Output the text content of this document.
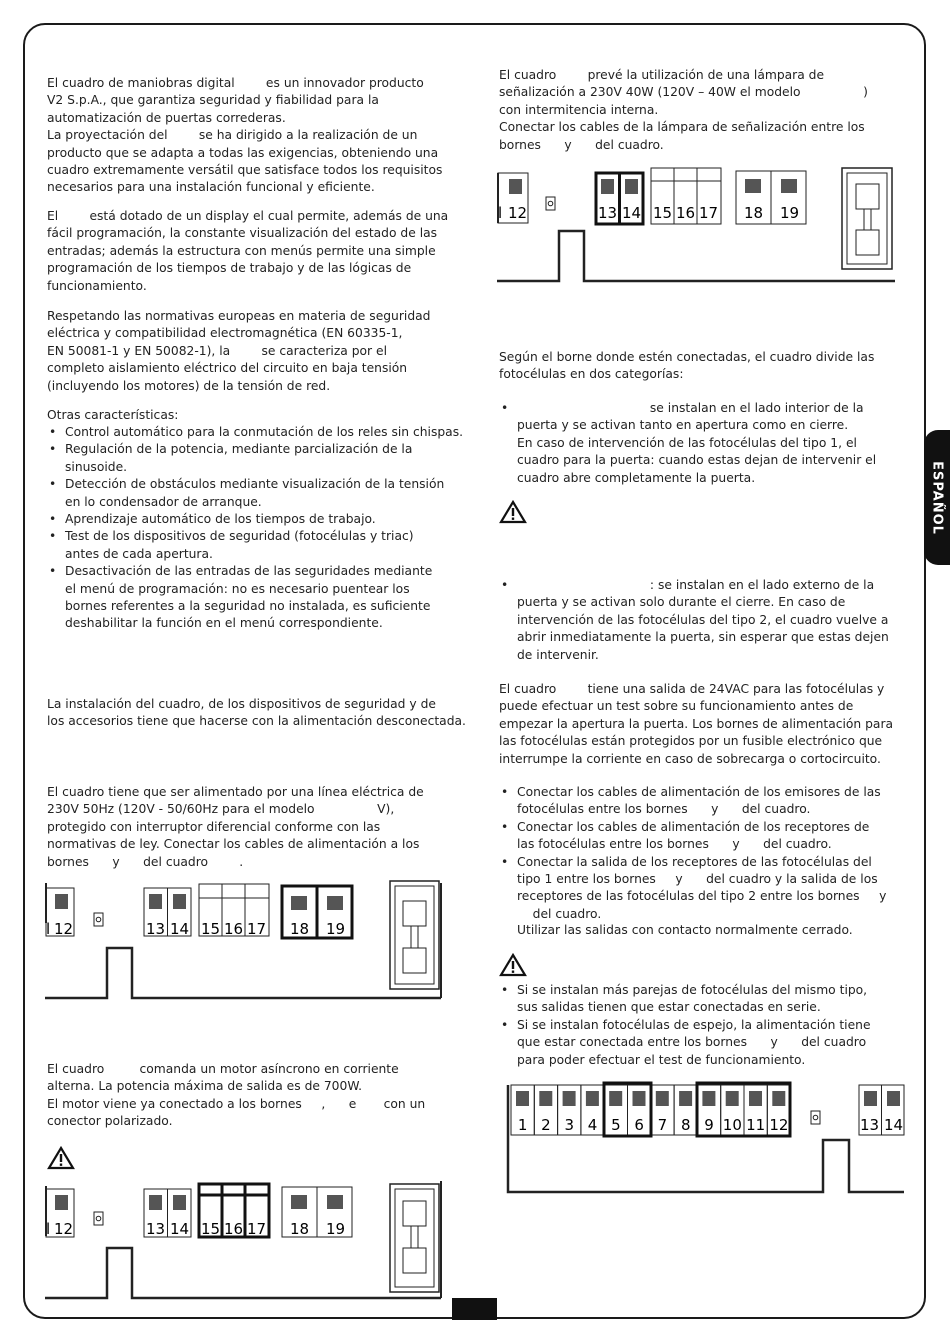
ESPAÑOL
El cuadro de maniobras digital        es un innovador producto
V2 S.p.A., que garantiza seguridad y fiabilidad para la
automatización de puertas correderas.
La proyectación del        se ha dirigido a la realización de un
producto que se adapta a todas las exigencias, obteniendo una
cuadro extremamente versátil que satisface todos los requisitos
necesarios para una instalación funcional y eficiente.
El        está dotado de un display el cual permite, además de una
fácil programación, la constante visualización del estado de las
entradas; además la estructura con menús permite una simple
programación de los tiempos de trabajo y de las lógicas de
funcionamiento.
Respetando las normativas europeas en materia de seguridad
eléctrica y compatibilidad electromagnética (EN 60335-1,
EN 50081-1 y EN 50082-1), la        se caracteriza por el
completo aislamiento eléctrico del circuito en baja tensión
(incluyendo los motores) de la tensión de red.
Otras características:
• Control automático para la conmutación de los reles sin chispas.
• Regulación de la potencia, mediante parcialización de la
sinusoide.
• Detección de obstáculos mediante visualización de la tensión
en lo condensador de arranque.
• Aprendizaje automático de los tiempos de trabajo.
• Test de los dispositivos de seguridad (fotocélulas y triac)
antes de cada apertura.
• Desactivación de las entradas de las seguridades mediante
el menú de programación: no es necesario puentear los
bornes referentes a la seguridad no instalada, es suficiente
deshabilitar la función en el menú correspondiente.
La instalación del cuadro, de los dispositivos de seguridad y de
los accesorios tiene que hacerse con la alimentación desconectada.
El cuadro tiene que ser alimentado por una línea eléctrica de
230V 50Hz (120V - 50/60Hz para el modelo                V),
protegido con interruptor diferencial conforme con las
normativas de ley. Conectar los cables de alimentación a los
bornes      y      del cuadro        .
l 12	13 14 15 16 17 18 19
El cuadro         comanda un motor asíncrono en corriente
alterna. La potencia máxima de salida es de 700W.
El motor viene ya conectado a los bornes     ,      e       con un
conector polarizado.
l 12	13 14 15 16 17 18 19
El cuadro        prevé la utilización de una lámpara de
señalización a 230V 40W (120V – 40W el modelo                )
con intermitencia interna.
Conectar los cables de la lámpara de señalización entre los
bornes      y      del cuadro.
l 12	13 14 15 16 17 18 19
Según el borne donde estén conectadas, el cuadro divide las
fotocélulas en dos categorías:
•                                   se instalan en el lado interior de la
puerta y se activan tanto en apertura como en cierre.
En caso de intervención de las fotocélulas del tipo 1, el
cuadro para la puerta: cuando estas dejan de intervenir el
cuadro abre completamente la puerta.
•                                   : se instalan en el lado externo de la
puerta y se activan solo durante el cierre. En caso de
intervención de las fotocélulas del tipo 2, el cuadro vuelve a
abrir inmediatamente la puerta, sin esperar que estas dejen
de intervenir.
El cuadro        tiene una salida de 24VAC para las fotocélulas y
puede efectuar un test sobre su funcionamiento antes de
empezar la apertura la puerta. Los bornes de alimentación para
las fotocélulas están protegidos por un fusible electrónico que
interrumpe la corriente en caso de sobrecarga o cortocircuito.
• Conectar los cables de alimentación de los emisores de las
fotocélulas entre los bornes      y      del cuadro.
• Conectar los cables de alimentación de los receptores de
las fotocélulas entre los bornes      y      del cuadro.
• Conectar la salida de los receptores de las fotocélulas del
tipo 1 entre los bornes     y      del cuadro y la salida de los
receptores de las fotocélulas del tipo 2 entre los bornes     y
del cuadro.
Utilizar las salidas con contacto normalmente cerrado.
• Si se instalan más parejas de fotocélulas del mismo tipo,
sus salidas tienen que estar conectadas en serie.
• Si se instalan fotocélulas de espejo, la alimentación tiene
que estar conectada entre los bornes      y      del cuadro
para poder efectuar el test de funcionamiento.
1 2 3 4 5 6 7 8 9 10 11 12	13 14
